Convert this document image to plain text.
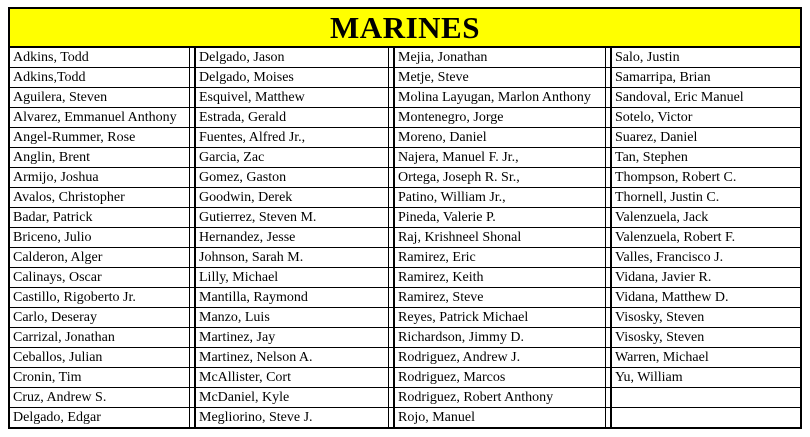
MARINES
Adkins, Todd
Adkins,Todd
Aguilera, Steven
Alvarez, Emmanuel Anthony
Angel-Rummer, Rose
Anglin, Brent
Armijo, Joshua
Avalos, Christopher
Badar, Patrick
Briceno, Julio
Calderon, Alger
Calinays, Oscar
Castillo, Rigoberto Jr.
Carlo, Deseray
Carrizal, Jonathan
Ceballos, Julian
Cronin, Tim
Cruz, Andrew S.
Delgado, Edgar
Delgado, Jason
Delgado, Moises
Esquivel, Matthew
Estrada, Gerald
Fuentes, Alfred Jr.,
Garcia, Zac
Gomez, Gaston
Goodwin, Derek
Gutierrez, Steven M.
Hernandez, Jesse
Johnson, Sarah M.
Lilly, Michael
Mantilla, Raymond
Manzo, Luis
Martinez, Jay
Martinez, Nelson A.
McAllister, Cort
McDaniel, Kyle
Megliorino, Steve J.
Mejia, Jonathan
Metje, Steve
Molina Layugan, Marlon Anthony
Montenegro, Jorge
Moreno, Daniel
Najera, Manuel F. Jr.,
Ortega, Joseph R. Sr.,
Patino, William Jr.,
Pineda, Valerie P.
Raj, Krishneel Shonal
Ramirez, Eric
Ramirez, Keith
Ramirez, Steve
Reyes, Patrick Michael
Richardson, Jimmy D.
Rodriguez, Andrew J.
Rodriguez, Marcos
Rodriguez, Robert Anthony
Rojo, Manuel
Salo, Justin
Samarripa, Brian
Sandoval, Eric Manuel
Sotelo, Victor
Suarez, Daniel
Tan, Stephen
Thompson, Robert C.
Thornell, Justin C.
Valenzuela, Jack
Valenzuela, Robert F.
Valles, Francisco J.
Vidana, Javier R.
Vidana, Matthew D.
Visosky, Steven
Visosky, Steven
Warren, Michael
Yu, William
